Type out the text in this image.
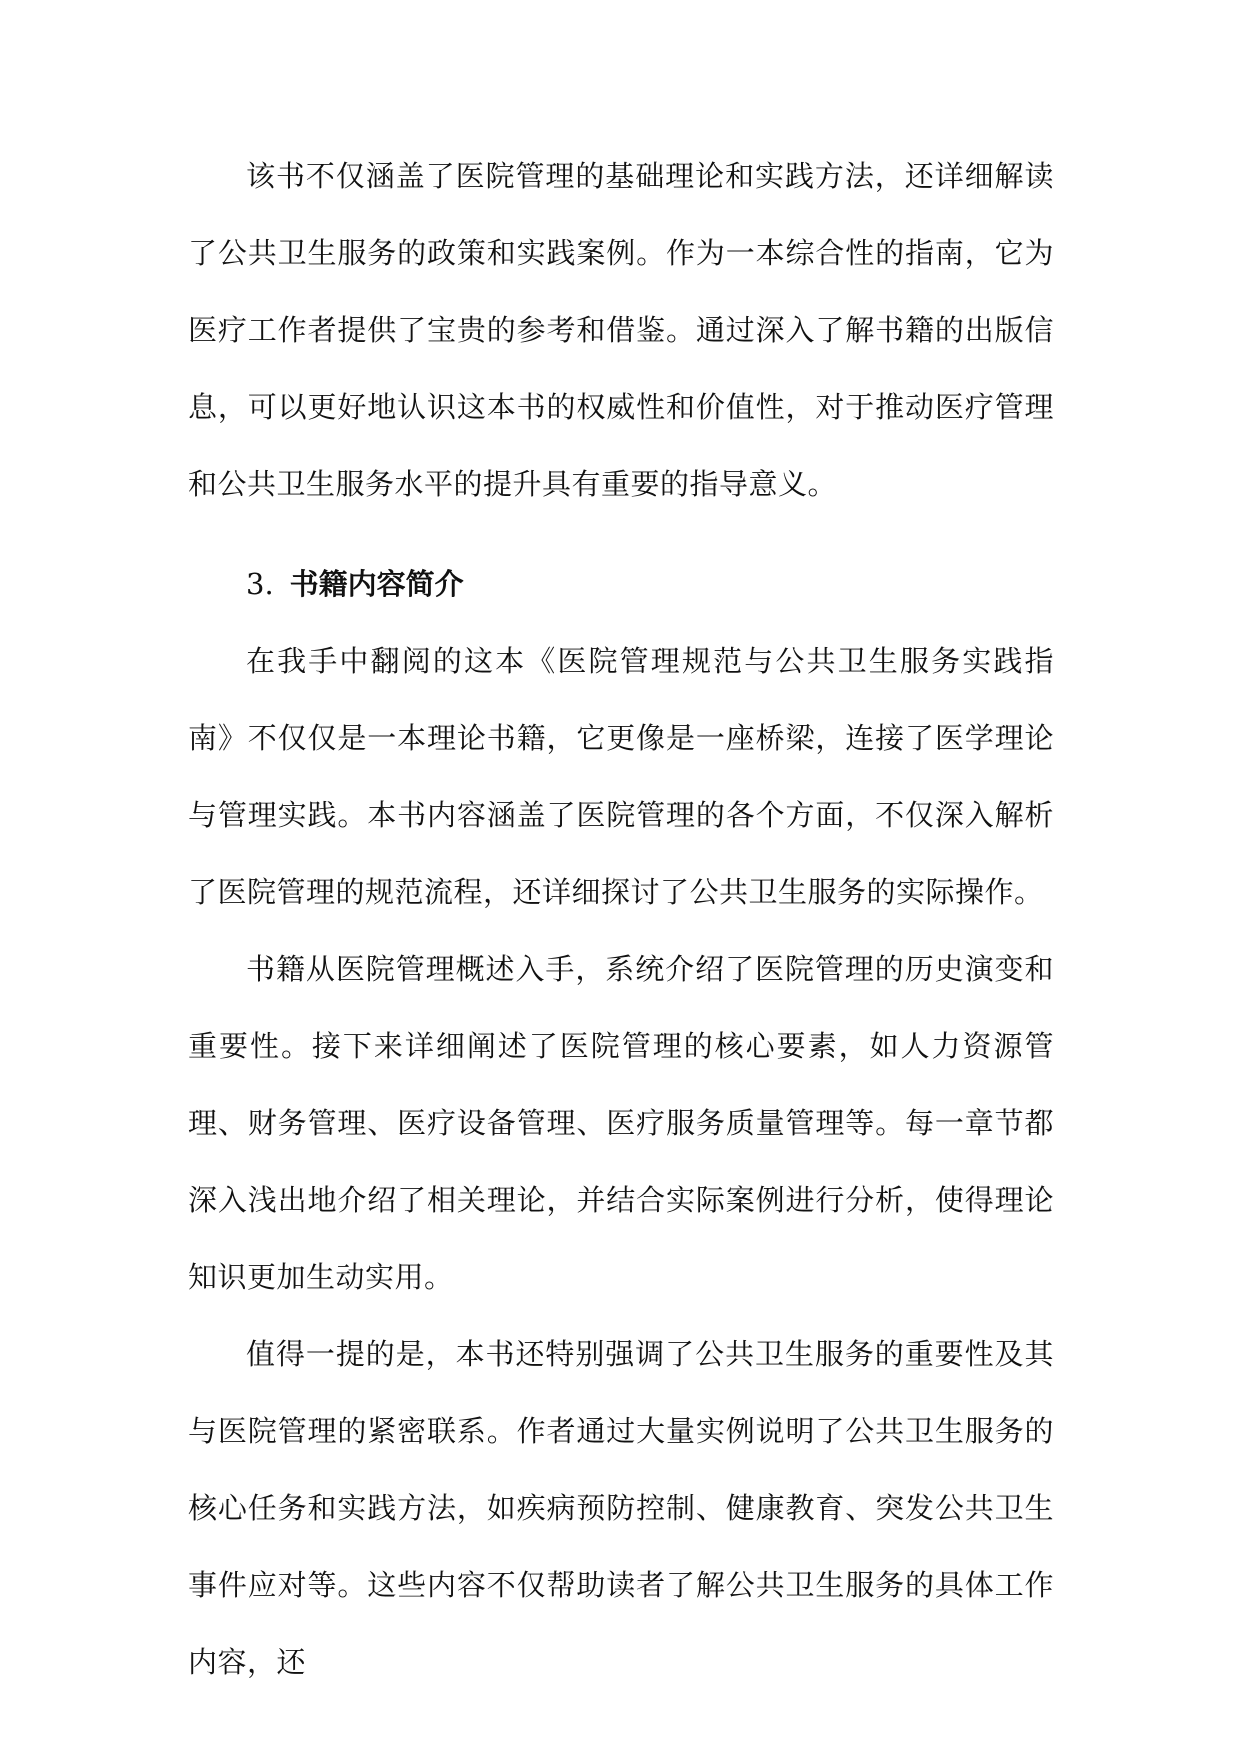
该书不仅涵盖了医院管理的基础理论和实践方法，还详细解读了公共卫生服务的政策和实践案例。作为一本综合性的指南，它为医疗工作者提供了宝贵的参考和借鉴。通过深入了解书籍的出版信息，可以更好地认识这本书的权威性和价值性，对于推动医疗管理和公共卫生服务水平的提升具有重要的指导意义。

3. 书籍内容简介

在我手中翻阅的这本《医院管理规范与公共卫生服务实践指南》不仅仅是一本理论书籍，它更像是一座桥梁，连接了医学理论与管理实践。本书内容涵盖了医院管理的各个方面，不仅深入解析了医院管理的规范流程，还详细探讨了公共卫生服务的实际操作。

书籍从医院管理概述入手，系统介绍了医院管理的历史演变和重要性。接下来详细阐述了医院管理的核心要素，如人力资源管理、财务管理、医疗设备管理、医疗服务质量管理等。每一章节都深入浅出地介绍了相关理论，并结合实际案例进行分析，使得理论知识更加生动实用。

值得一提的是，本书还特别强调了公共卫生服务的重要性及其与医院管理的紧密联系。作者通过大量实例说明了公共卫生服务的核心任务和实践方法，如疾病预防控制、健康教育、突发公共卫生事件应对等。这些内容不仅帮助读者了解公共卫生服务的具体工作内容，还
